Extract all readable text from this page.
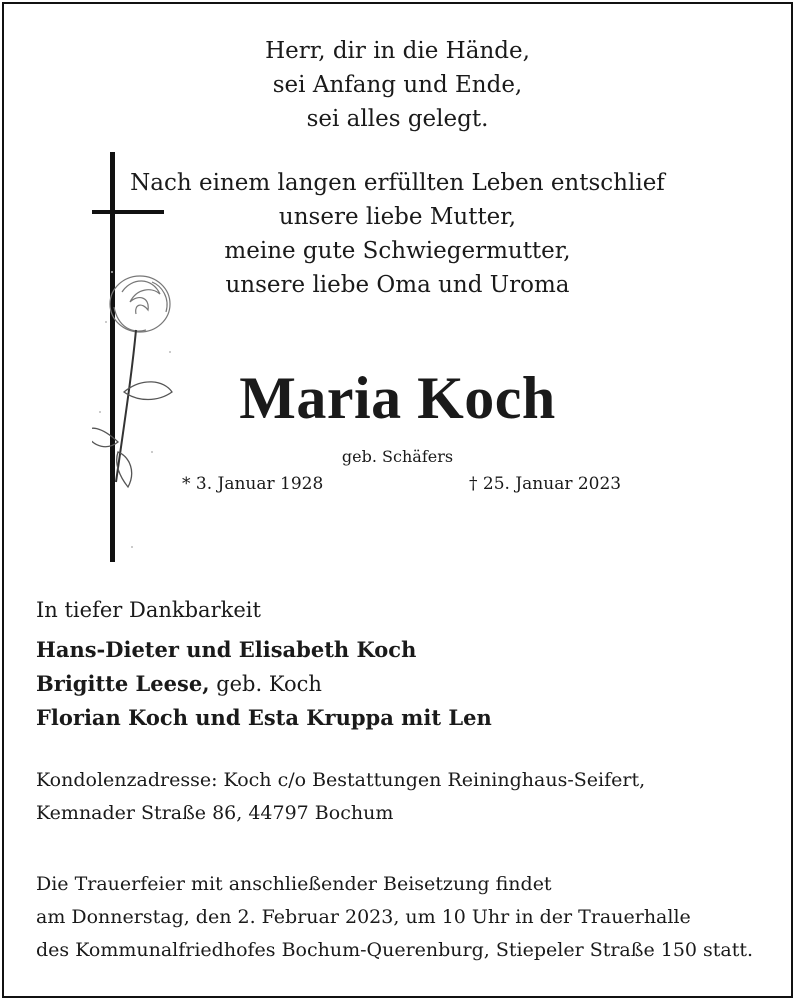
Herr, dir in die Hände,
sei Anfang und Ende,
sei alles gelegt.
Nach einem langen erfüllten Leben entschlief
unsere liebe Mutter,
meine gute Schwiegermutter,
unsere liebe Oma und Uroma
Maria Koch
geb. Schäfers
* 3. Januar 1928	† 25. Januar 2023
In tiefer Dankbarkeit
Hans-Dieter und Elisabeth Koch
Brigitte Leese, geb. Koch
Florian Koch und Esta Kruppa mit Len
Kondolenzadresse: Koch c/o Bestattungen Reininghaus-Seifert,
Kemnader Straße 86, 44797 Bochum
Die Trauerfeier mit anschließender Beisetzung findet
am Donnerstag, den 2. Februar 2023, um 10 Uhr in der Trauerhalle
des Kommunalfriedhofes Bochum-Querenburg, Stiepeler Straße 150 statt.
